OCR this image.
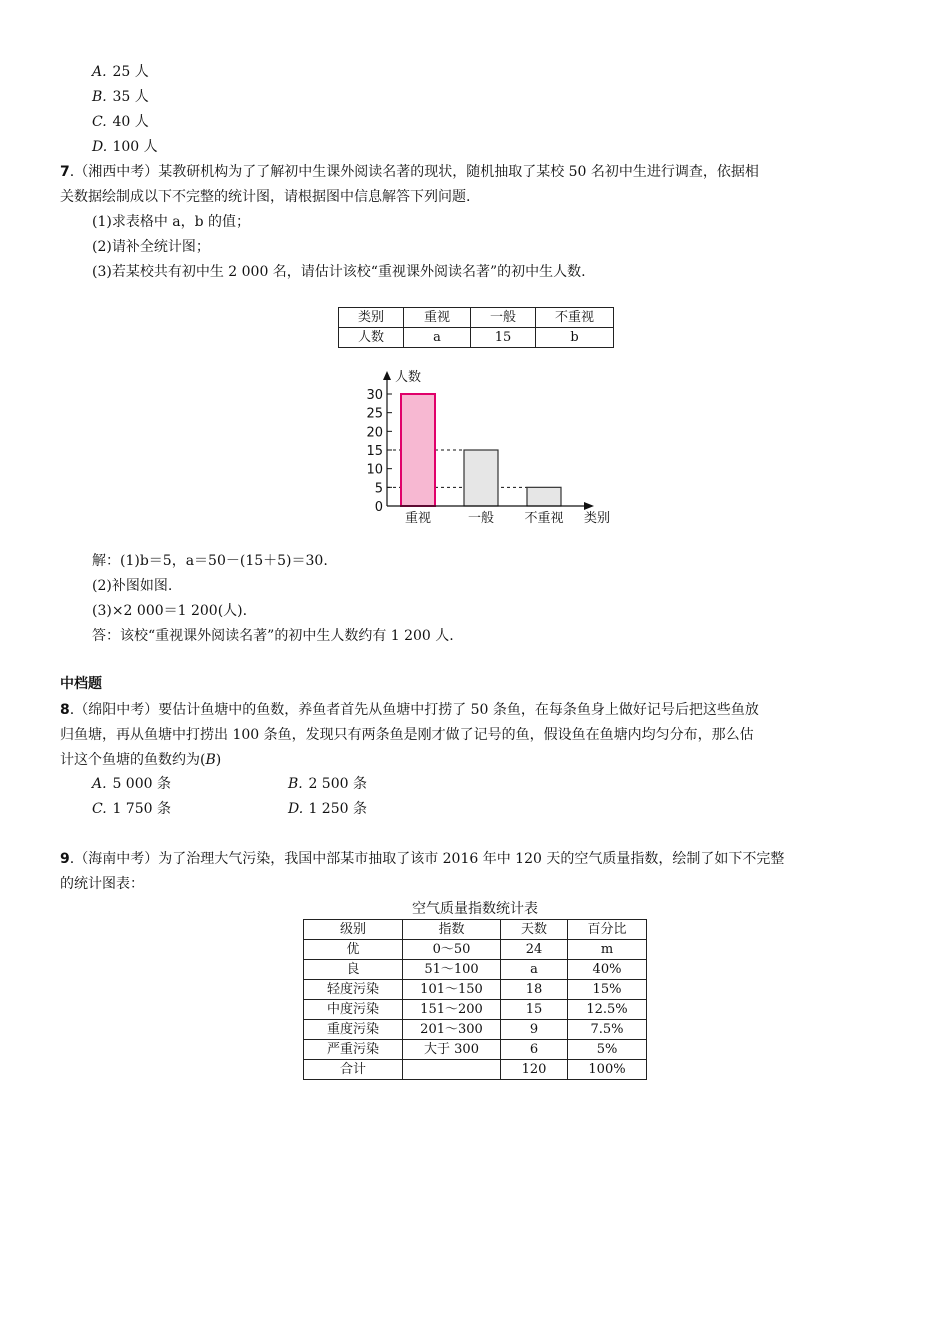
A. 25 人
B. 35 人
C. 40 人
D. 100 人
7.（湘西中考）某教研机构为了了解初中生课外阅读名著的现状，随机抽取了某校 50 名初中生进行调查，依据相
关数据绘制成以下不完整的统计图，请根据图中信息解答下列问题.
(1)求表格中 a，b 的值；
(2)请补全统计图；
(3)若某校共有初中生 2 000 名，请估计该校“重视课外阅读名著”的初中生人数.
类别	重视	一般	不重视
人数	a	15	b
0
5
10
15
20
25
30
重视	一般 不重视
人数
类别
解：(1)b＝5，a＝50－(15＋5)＝30.
(2)补图如图.
(3)×2 000＝1 200(人).
答：该校“重视课外阅读名著”的初中生人数约有 1 200 人.
中档题
8.（绵阳中考）要估计鱼塘中的鱼数，养鱼者首先从鱼塘中打捞了 50 条鱼，在每条鱼身上做好记号后把这些鱼放
归鱼塘，再从鱼塘中打捞出 100 条鱼，发现只有两条鱼是刚才做了记号的鱼，假设鱼在鱼塘内均匀分布，那么估
计这个鱼塘的鱼数约为(B)
A. 5 000 条	B. 2 500 条
C. 1 750 条	D. 1 250 条
9.（海南中考）为了治理大气污染，我国中部某市抽取了该市 2016 年中 120 天的空气质量指数，绘制了如下不完整
的统计图表：
空气质量指数统计表
级别	指数	天数	百分比
优	0～50	24	m
良	51～100	a	40%
轻度污染	101～150	18	15%
中度污染	151～200	15	12.5%
重度污染	201～300	9	7.5%
严重污染	大于 300	6	5%
合计		120	100%
